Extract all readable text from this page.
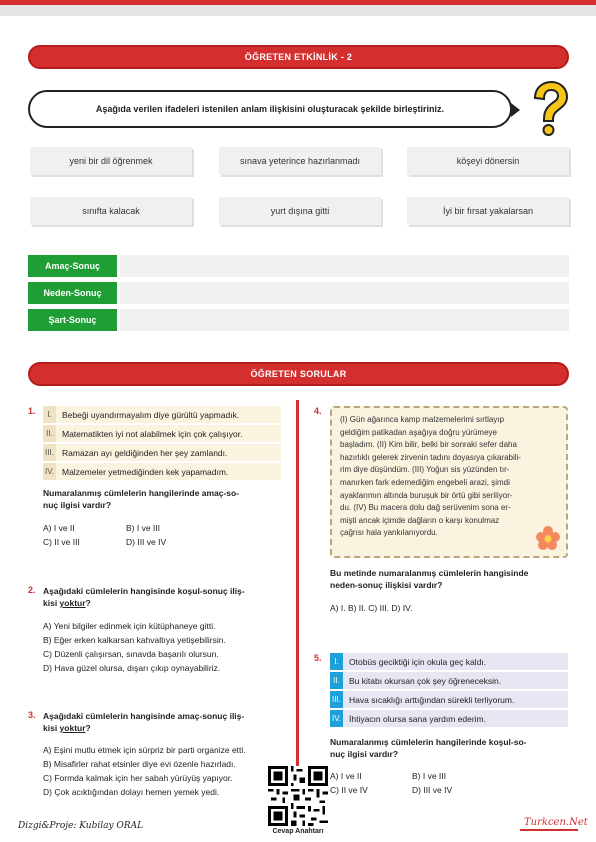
ÖĞRETEN ETKİNLİK - 2
Aşağıda verilen ifadeleri istenilen anlam ilişkisini oluşturacak şekilde birleştiriniz.
yeni bir dil öğrenmek	sınava yeterince hazırlanmadı	köşeyi dönersin
sınıfta kalacak	yurt dışına gitti	İyi bir fırsat yakalarsan
Amaç-Sonuç
Neden-Sonuç
Şart-Sonuç
ÖĞRETEN SORULAR
1.	I.	Bebeği uyandırmayalım diye gürültü yapmadık.
II.	Matematikten iyi not alabilmek için çok çalışıyor.
III. Ramazan ayı geldiğinden her şey zamlandı.
IV. Malzemeler yetmediğinden kek yapamadım.
Numaralanmış cümlelerin hangilerinde amaç-so-
nuç ilgisi vardır?
A) I ve II	B) I ve III
C) II ve III	D) III ve IV
2. Aşağıdaki cümlelerin hangisinde koşul-sonuç iliş-
kisi yoktur?
A) Yeni bilgiler edinmek için kütüphaneye gitti.
B) Eğer erken kalkarsan kahvaltıya yetişebilirsin.
C) Düzenli çalışırsan, sınavda başarılı olursun.
D) Hava güzel olursa, dışarı çıkıp oynayabiliriz.
3. Aşağıdaki cümlelerin hangisinde amaç-sonuç iliş-
kisi yoktur?
A) Eşini mutlu etmek için sürpriz bir parti organize etti.
B) Misafirler rahat etsinler diye evi özenle hazırladı.
C) Formda kalmak için her sabah yürüyüş yapıyor.
D) Çok acıktığından dolayı hemen yemek yedi.
4.
(I) Gün ağarınca kamp malzemelerimi sırtlayıp
geldiğim patikadan aşağıya doğru yürümeye
başladım. (II) Kim bilir, belki bir sonraki sefer daha
hazırlıklı gelerek zirvenin tadını doyasıya çıkarabili-
rim diye düşündüm. (III) Yoğun sis yüzünden tır-
manırken fark edemediğim engebeli arazi, şimdi
ayaklarımın altında buruşuk bir örtü gibi seriliyor-
du. (IV) Bu macera dolu dağ serüvenim sona er-
mişti ancak içimde dağların o karşı konulmaz
çağrısı hala yankılanıyordu.
Bu metinde numaralanmış cümlelerin hangisinde
neden-sonuç ilişkisi vardır?
A) I. B) II. C) III. D) IV.
5.	I.	Otobüs geciktiği için okula geç kaldı.
II.	Bu kitabı okursan çok şey öğreneceksin.
III. Hava sıcaklığı arttığından sürekli terliyorum.
IV. İhtiyacın olursa sana yardım ederim.
Numaralanmış cümlelerin hangilerinde koşul-so-
nuç ilgisi vardır?
A) I ve II	B) I ve III
C) II ve IV	D) III ve IV
Dizgi&Proje: Kubilay ORAL
Cevap Anahtarı
Turkcen.Net
